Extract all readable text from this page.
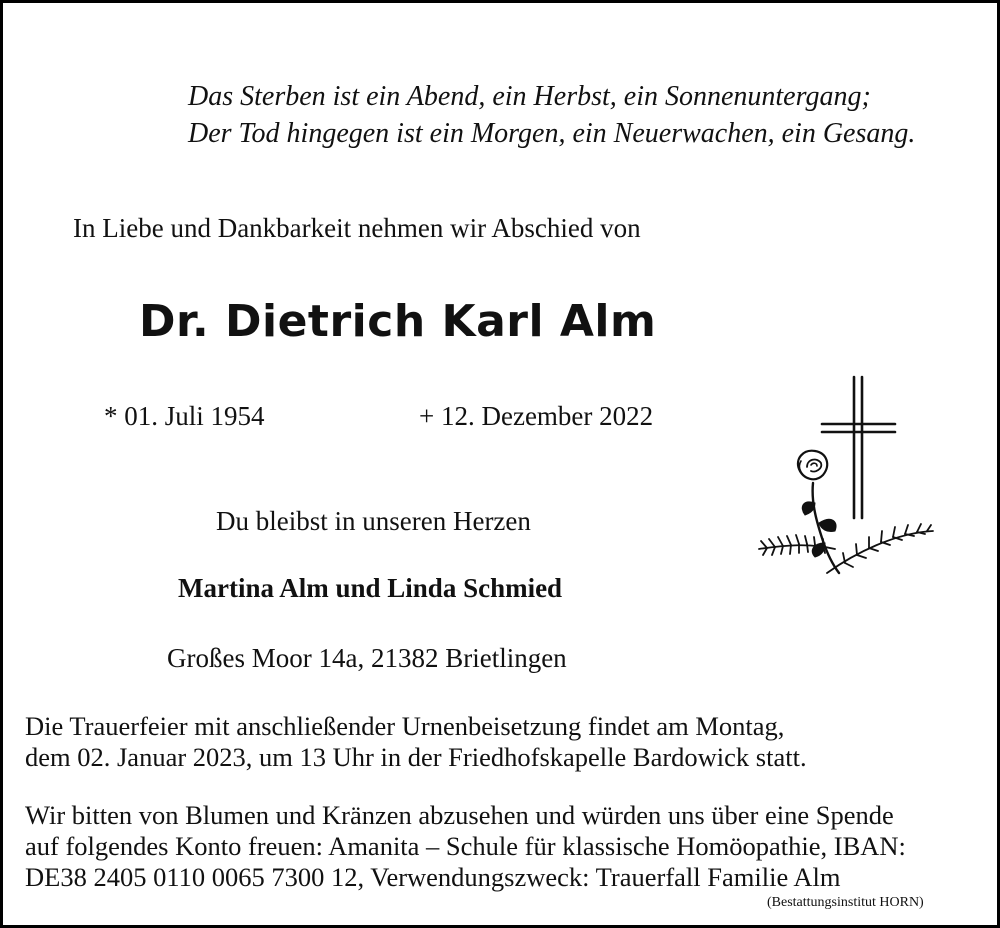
Das Sterben ist ein Abend, ein Herbst, ein Sonnenuntergang;
Der Tod hingegen ist ein Morgen, ein Neuerwachen, ein Gesang.
In Liebe und Dankbarkeit nehmen wir Abschied von
Dr. Dietrich Karl Alm
* 01. Juli 1954	+ 12. Dezember 2022
Du bleibst in unseren Herzen
Martina Alm und Linda Schmied
Großes Moor 14a, 21382 Brietlingen
Die Trauerfeier mit anschließender Urnenbeisetzung findet am Montag,
dem 02. Januar 2023, um 13 Uhr in der Friedhofskapelle Bardowick statt.
Wir bitten von Blumen und Kränzen abzusehen und würden uns über eine Spende
auf folgendes Konto freuen: Amanita – Schule für klassische Homöopathie, IBAN:
DE38 2405 0110 0065 7300 12, Verwendungszweck: Trauerfall Familie Alm
(Bestattungsinstitut HORN)
